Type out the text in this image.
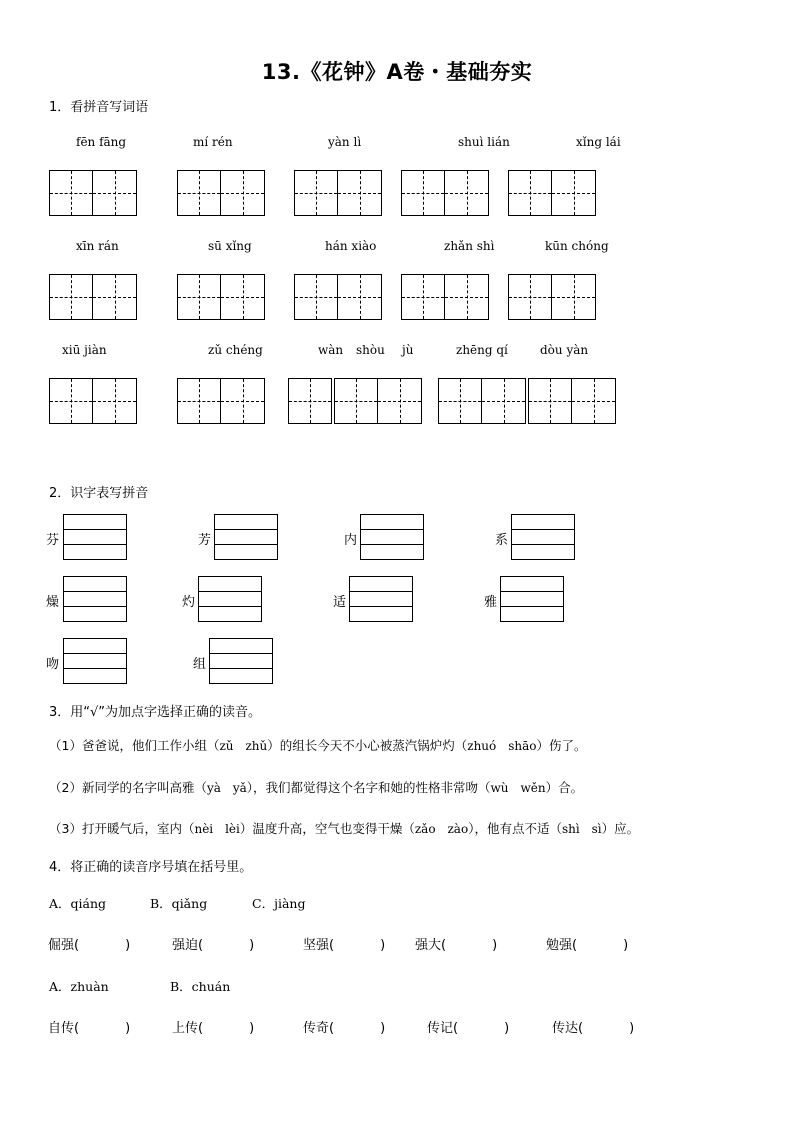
13.《花钟》A卷・基础夯实
1．看拼音写词语
fēn fāng	mí rén	yàn lì	shuì lián	xǐng lái
xīn rán	sū xǐng	hán xiào	zhǎn shì	kūn chóng
xiū jiàn	zǔ chéng	wàn shòu jù	zhēng qí	dòu yàn
2．识字表写拼音
芬	芳	内	系
燥	灼	适	雅
吻	组
3．用“√”为加点字选择正确的读音。
（1）爸爸说，他们工作小组（zǔ zhǔ）的组长今天不小心被蒸汽锅炉灼（zhuó shāo）伤了。
（2）新同学的名字叫高雅（yà yǎ），我们都觉得这个名字和她的性格非常吻（wù wěn）合。
（3）打开暖气后，室内（nèi lèi）温度升高，空气也变得干燥（zǎo zào），他有点不适（shì sì）应。
4．将正确的读音序号填在括号里。
A．qiáng	B．qiǎng	C．jiàng
倔强(	)	强迫(	)	坚强(	) 强大(	)	勉强(	)
A．zhuàn	B．chuán
自传(	)	上传(	)	传奇(	)	传记(	)	传达(	)
